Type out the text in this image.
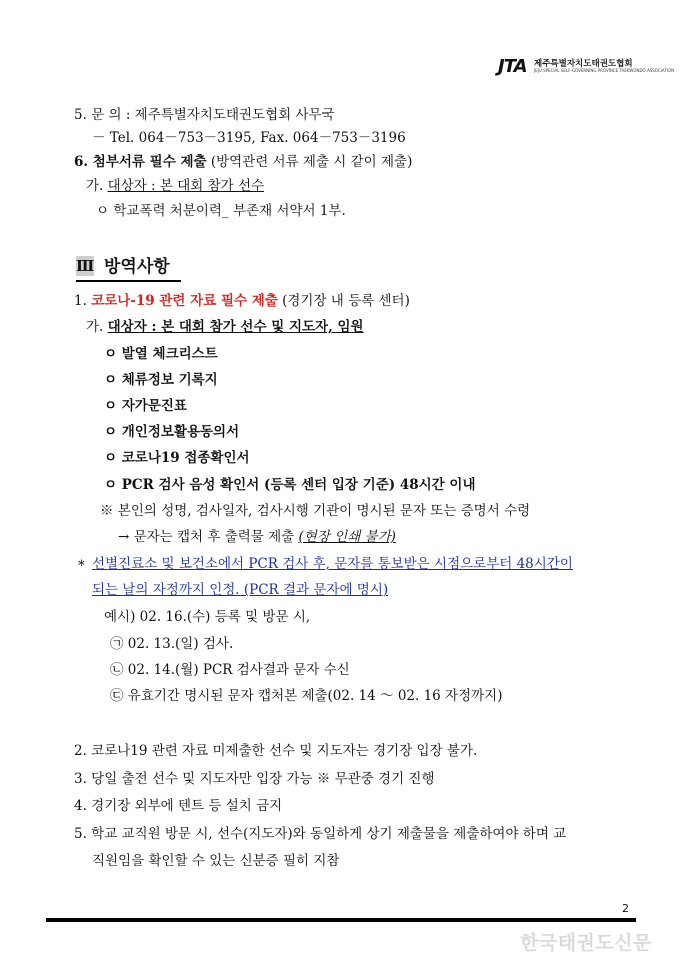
JTA 제주특별자치도태권도협회
JEJU SPECIAL SELF-GOVERNING PROVINCE TAEKWONDO ASSOCIATION
5. 문 의 : 제주특별자치도태권도협회 사무국
－ Tel. 064－753－3195, Fax. 064－753－3196
6. 첨부서류 필수 제출 (방역관련 서류 제출 시 같이 제출)
가. 대상자 : 본 대회 참가 선수
ㅇ 학교폭력 처분이력_ 부존재 서약서 1부.
Ⅲ 방역사항
1. 코로나-19 관련 자료 필수 제출 (경기장 내 등록 센터)
가. 대상자 : 본 대회 참가 선수 및 지도자, 임원
ㅇ 발열 체크리스트
ㅇ 체류정보 기록지
ㅇ 자가문진표
ㅇ 개인정보활용동의서
ㅇ 코로나19 접종확인서
ㅇ PCR 검사 음성 확인서 (등록 센터 입장 기준) 48시간 이내
※ 본인의 성명, 검사일자, 검사시행 기관이 명시된 문자 또는 증명서 수령
→ 문자는 캡처 후 출력물 제출 (현장 인쇄 불가)
* 선별진료소 및 보건소에서 PCR 검사 후, 문자를 통보받은 시점으로부터 48시간이
되는 날의 자정까지 인정. (PCR 결과 문자에 명시)
예시) 02. 16.(수) 등록 및 방문 시,
㉠ 02. 13.(일) 검사.
㉡ 02. 14.(월) PCR 검사결과 문자 수신
㉢ 유효기간 명시된 문자 캡처본 제출(02. 14 ～ 02. 16 자정까지)
2. 코로나19 관련 자료 미제출한 선수 및 지도자는 경기장 입장 불가.
3. 당일 출전 선수 및 지도자만 입장 가능 ※ 무관중 경기 진행
4. 경기장 외부에 텐트 등 설치 금지
5. 학교 교직원 방문 시, 선수(지도자)와 동일하게 상기 제출물을 제출하여야 하며 교
직원임을 확인할 수 있는 신분증 필히 지참
2
한국태권도신문
